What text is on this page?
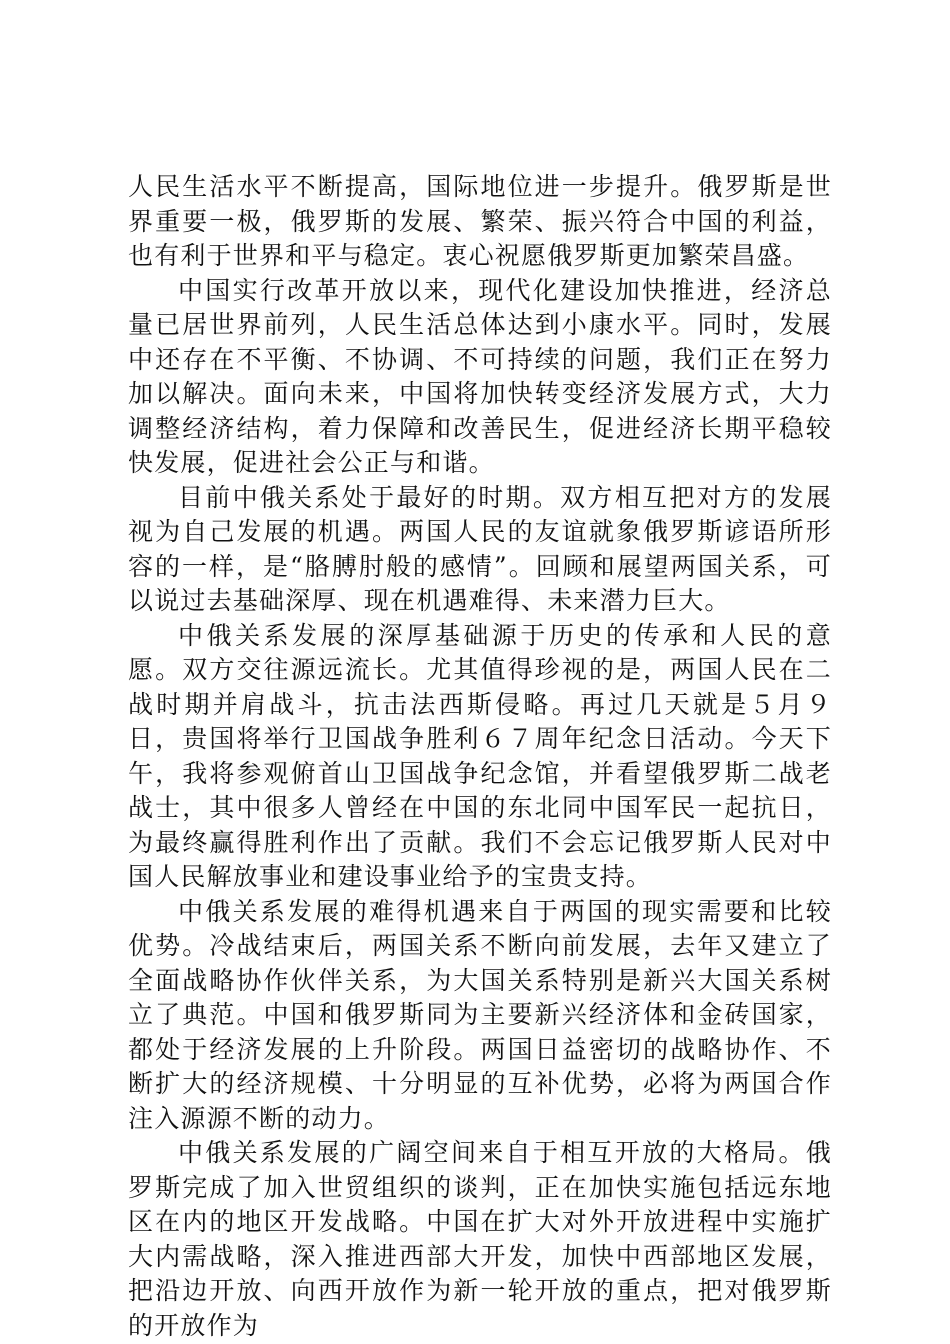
人民生活水平不断提高，国际地位进一步提升。俄罗斯是世界重要一极，俄罗斯的发展、繁荣、振兴符合中国的利益，也有利于世界和平与稳定。衷心祝愿俄罗斯更加繁荣昌盛。

中国实行改革开放以来，现代化建设加快推进，经济总量已居世界前列，人民生活总体达到小康水平。同时，发展中还存在不平衡、不协调、不可持续的问题，我们正在努力加以解决。面向未来，中国将加快转变经济发展方式，大力调整经济结构，着力保障和改善民生，促进经济长期平稳较快发展，促进社会公正与和谐。

目前中俄关系处于最好的时期。双方相互把对方的发展视为自己发展的机遇。两国人民的友谊就象俄罗斯谚语所形容的一样，是“胳膊肘般的感情”。回顾和展望两国关系，可以说过去基础深厚、现在机遇难得、未来潜力巨大。

中俄关系发展的深厚基础源于历史的传承和人民的意愿。双方交往源远流长。尤其值得珍视的是，两国人民在二战时期并肩战斗，抗击法西斯侵略。再过几天就是５月９日，贵国将举行卫国战争胜利６７周年纪念日活动。今天下午，我将参观俯首山卫国战争纪念馆，并看望俄罗斯二战老战士，其中很多人曾经在中国的东北同中国军民一起抗日，为最终赢得胜利作出了贡献。我们不会忘记俄罗斯人民对中国人民解放事业和建设事业给予的宝贵支持。

中俄关系发展的难得机遇来自于两国的现实需要和比较优势。冷战结束后，两国关系不断向前发展，去年又建立了全面战略协作伙伴关系，为大国关系特别是新兴大国关系树立了典范。中国和俄罗斯同为主要新兴经济体和金砖国家，都处于经济发展的上升阶段。两国日益密切的战略协作、不断扩大的经济规模、十分明显的互补优势，必将为两国合作注入源源不断的动力。

中俄关系发展的广阔空间来自于相互开放的大格局。俄罗斯完成了加入世贸组织的谈判，正在加快实施包括远东地区在内的地区开发战略。中国在扩大对外开放进程中实施扩大内需战略，深入推进西部大开发，加快中西部地区发展，把沿边开放、向西开放作为新一轮开放的重点，把对俄罗斯的开放作为
